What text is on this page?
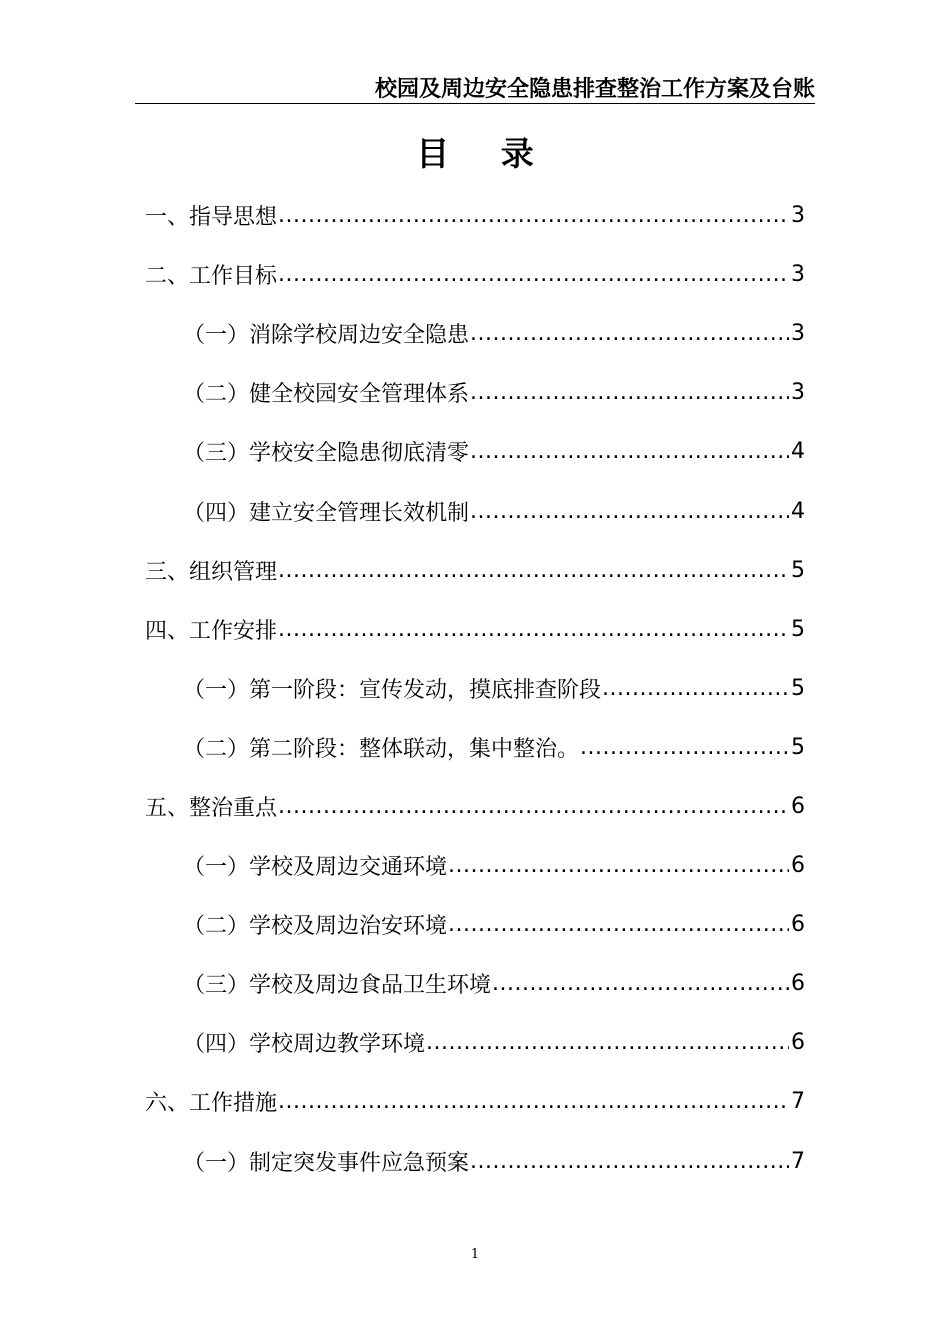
校园及周边安全隐患排查整治工作方案及台账
目 录
一、指导思想 .....	3
二、工作目标 .....	3
（一）消除学校周边安全隐患 .....	3
（二）健全校园安全管理体系 .....	3
（三）学校安全隐患彻底清零 .....	4
（四）建立安全管理长效机制 .....	4
三、组织管理 .....	5
四、工作安排 .....	5
（一）第一阶段：宣传发动，摸底排查阶段 .....	5
（二）第二阶段：整体联动，集中整治。 .....	5
五、整治重点 .....	6
（一）学校及周边交通环境 .....	6
（二）学校及周边治安环境 .....	6
（三）学校及周边食品卫生环境 .....	6
（四）学校周边教学环境 .....	6
六、工作措施 .....	7
（一）制定突发事件应急预案 .....	7
1
